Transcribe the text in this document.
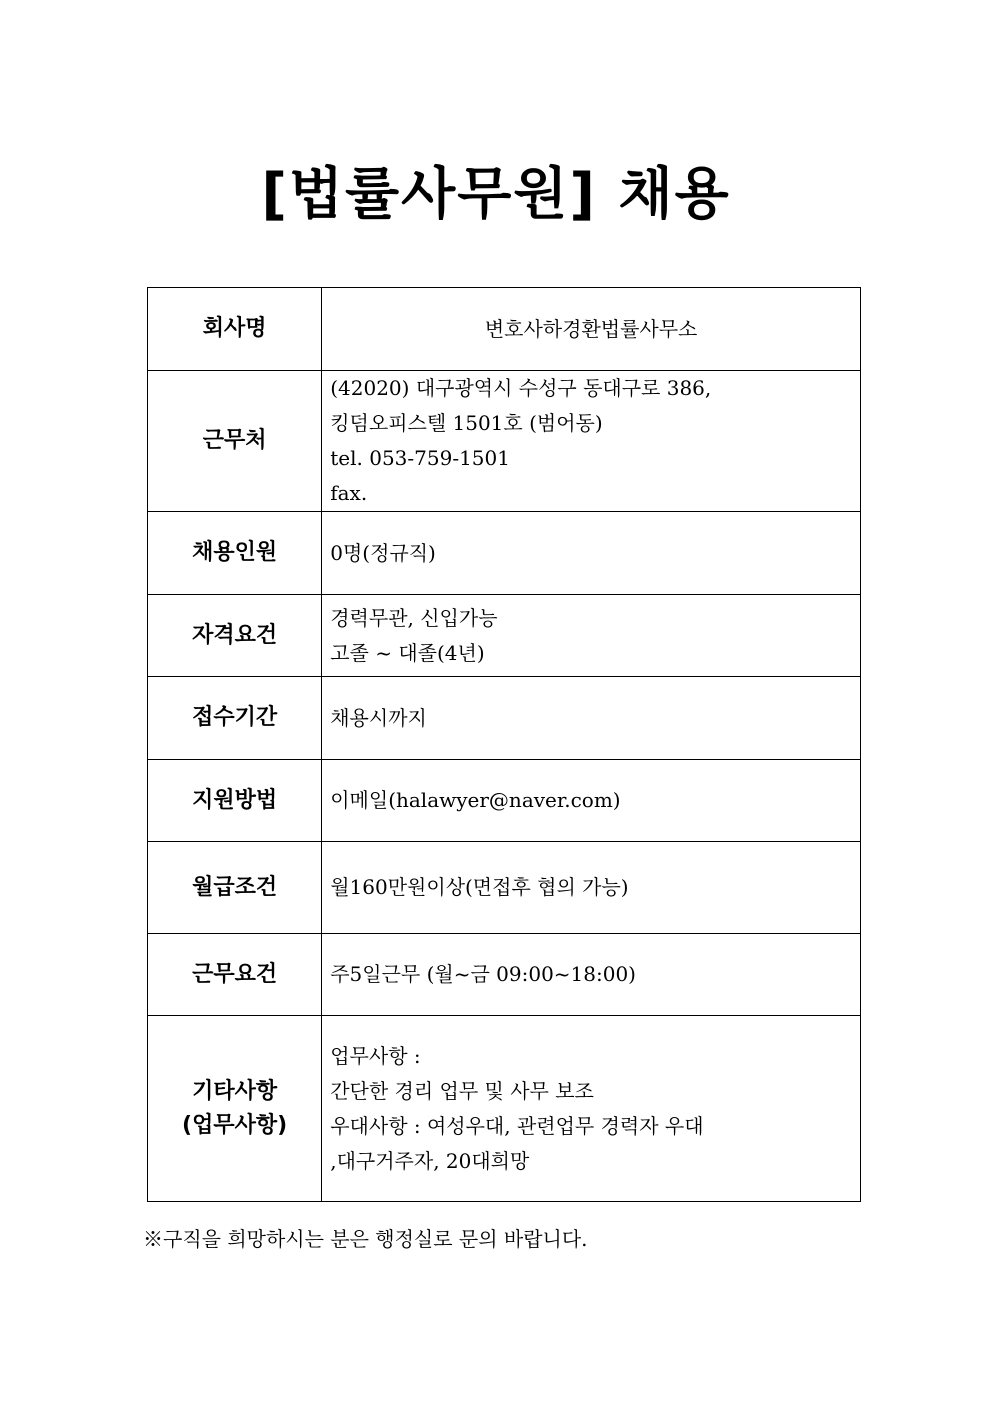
[법률사무원] 채용
회사명	변호사하경환법률사무소

근무처	(42020) 대구광역시 수성구 동대구로 386,
킹덤오피스텔 1501호 (범어동)
tel. 053-759-1501
fax.

채용인원	0명(정규직)

자격요건	경력무관, 신입가능
고졸 ~ 대졸(4년)

접수기간	채용시까지

지원방법	이메일(halawyer@naver.com)

월급조건	월160만원이상(면접후 협의 가능)

근무요건	주5일근무 (월~금 09:00~18:00)

기타사항
(업무사항)	업무사항 :
간단한 경리 업무 및 사무 보조
우대사항 : 여성우대, 관련업무 경력자 우대
,대구거주자, 20대희망
※구직을 희망하시는 분은 행정실로 문의 바랍니다.
